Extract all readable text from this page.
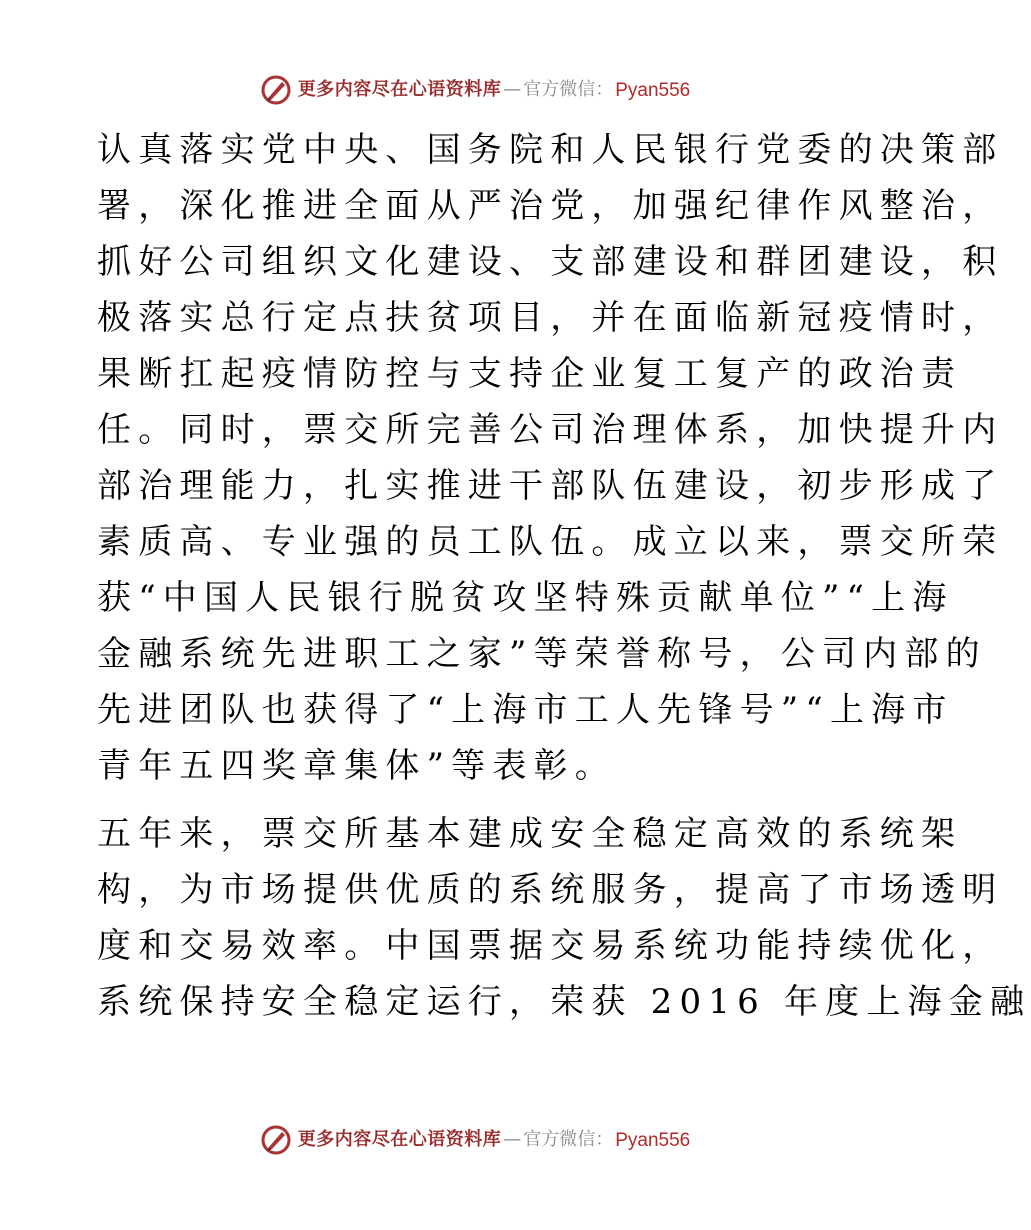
更多内容尽在心语资料库 — 官方微信： Pyan556
认真落实党中央、国务院和人民银行党委的决策部
署，深化推进全面从严治党，加强纪律作风整治，
抓好公司组织文化建设、支部建设和群团建设，积
极落实总行定点扶贫项目，并在面临新冠疫情时，
果断扛起疫情防控与支持企业复工复产的政治责
任。同时，票交所完善公司治理体系，加快提升内
部治理能力，扎实推进干部队伍建设，初步形成了
素质高、专业强的员工队伍。成立以来，票交所荣
获“中国人民银行脱贫攻坚特殊贡献单位”“上海
金融系统先进职工之家”等荣誉称号，公司内部的
先进团队也获得了“上海市工人先锋号”“上海市
青年五四奖章集体”等表彰。
五年来，票交所基本建成安全稳定高效的系统架
构，为市场提供优质的系统服务，提高了市场透明
度和交易效率。中国票据交易系统功能持续优化，
系统保持安全稳定运行，荣获 2016 年度上海金融
更多内容尽在心语资料库 — 官方微信： Pyan556
